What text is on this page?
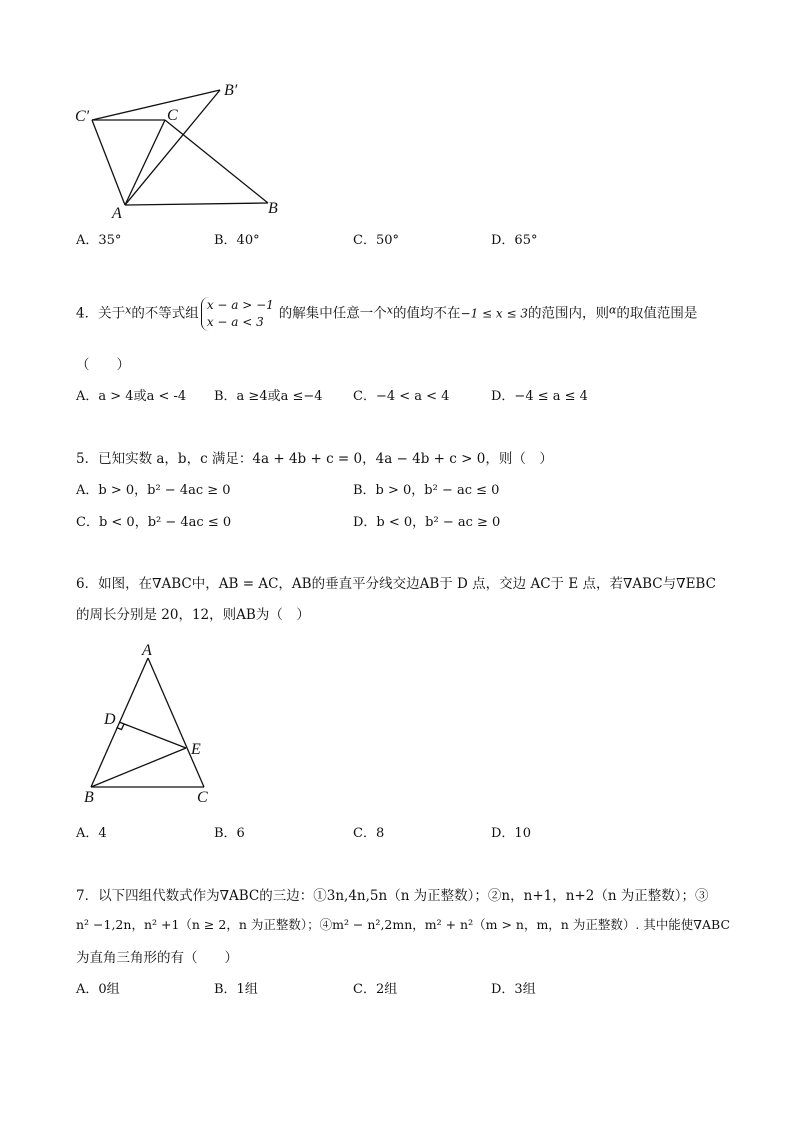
C′	C
B′
A	B
A．35°	B．40°	C．50°	D．65°
4．关于$^x$的不等式组x − a > −1
x − a < 3的解集中任意一个$^x$的值均不在−1 ≤ x ≤ 3的范围内，则$^\alpha$的取值范围是
（　　）
A．a > 4或a < -4 B．a ≥4或a ≤−4 C．−4 < a < 4	D．−4 ≤ a ≤ 4
5．已知实数 a，b，c 满足：4a + 4b + c = 0，4a − 4b + c > 0，则（　）
A．b > 0，b² − 4ac ≥ 0	B．b > 0，b² − ac ≤ 0
C．b < 0，b² − 4ac ≤ 0	D．b < 0，b² − ac ≥ 0
6．如图，在∇ABC中，AB = AC，AB的垂直平分线交边AB于 D 点，交边 AC于 E 点，若∇ABC与∇EBC
的周长分别是 20，12，则AB为（　）
A
D
E
B	C
A．4	B．6	C．8	D．10
7．以下四组代数式作为∇ABC的三边：①3n,4n,5n（n 为正整数）；②n，n+1，n+2（n 为正整数）；③
n² −1,2n，n² +1（n ≥ 2，n 为正整数）；④m² − n²,2mn，m² + n²（m > n，m，n 为正整数）. 其中能使∇ABC
为直角三角形的有（　　）
A．0组	B．1组	C．2组	D．3组
